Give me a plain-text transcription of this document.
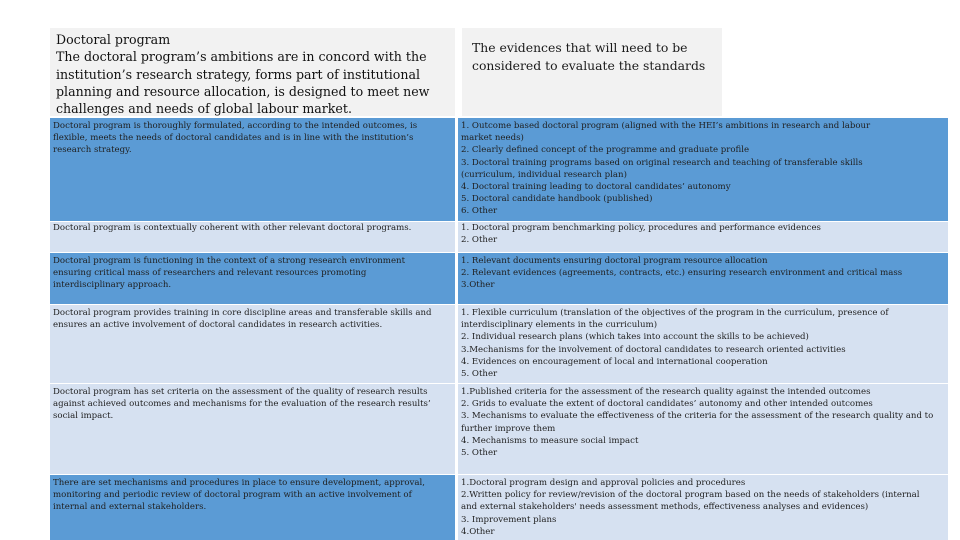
Doctoral program
The doctoral program’s ambitions are in concord with the
institution’s research strategy, forms part of institutional
planning and resource allocation, is designed to meet new
challenges and needs of global labour market.
The evidences that will need to be
considered to evaluate the standards
Doctoral program is thoroughly formulated, according to the intended outcomes, is
flexible, meets the needs of doctoral candidates and is in line with the institution’s
research strategy.
1. Outcome based doctoral program (aligned with the HEI’s ambitions in research and labour
market needs)
2. Clearly defined concept of the programme and graduate profile
3. Doctoral training programs based on original research and teaching of transferable skills
(curriculum, individual research plan)
4. Doctoral training leading to doctoral candidates’ autonomy
5. Doctoral candidate handbook (published)
6. Other
Doctoral program is contextually coherent with other relevant doctoral programs.	1. Doctoral program benchmarking policy, procedures and performance evidences
2. Other
Doctoral program is functioning in the context of a strong research environment
ensuring critical mass of researchers and relevant resources promoting
interdisciplinary approach.
1. Relevant documents ensuring doctoral program resource allocation
2. Relevant evidences (agreements, contracts, etc.) ensuring research environment and critical mass
3.Other
Doctoral program provides training in core discipline areas and transferable skills and
ensures an active involvement of doctoral candidates in research activities.
1. Flexible curriculum (translation of the objectives of the program in the curriculum, presence of
interdisciplinary elements in the curriculum)
2. Individual research plans (which takes into account the skills to be achieved)
3.Mechanisms for the involvement of doctoral candidates to research oriented activities
4. Evidences on encouragement of local and international cooperation
5. Other
Doctoral program has set criteria on the assessment of the quality of research results
against achieved outcomes and mechanisms for the evaluation of the research results’
social impact.
1.Published criteria for the assessment of the research quality against the intended outcomes
2. Grids to evaluate the extent of doctoral candidates’ autonomy and other intended outcomes
3. Mechanisms to evaluate the effectiveness of the criteria for the assessment of the research quality and to
further improve them
4. Mechanisms to measure social impact
5. Other
There are set mechanisms and procedures in place to ensure development, approval,
monitoring and periodic review of doctoral program with an active involvement of
internal and external stakeholders.
1.Doctoral program design and approval policies and procedures
2.Written policy for review/revision of the doctoral program based on the needs of stakeholders (internal
and external stakeholders' needs assessment methods, effectiveness analyses and evidences)
3. Improvement plans
4.Other
